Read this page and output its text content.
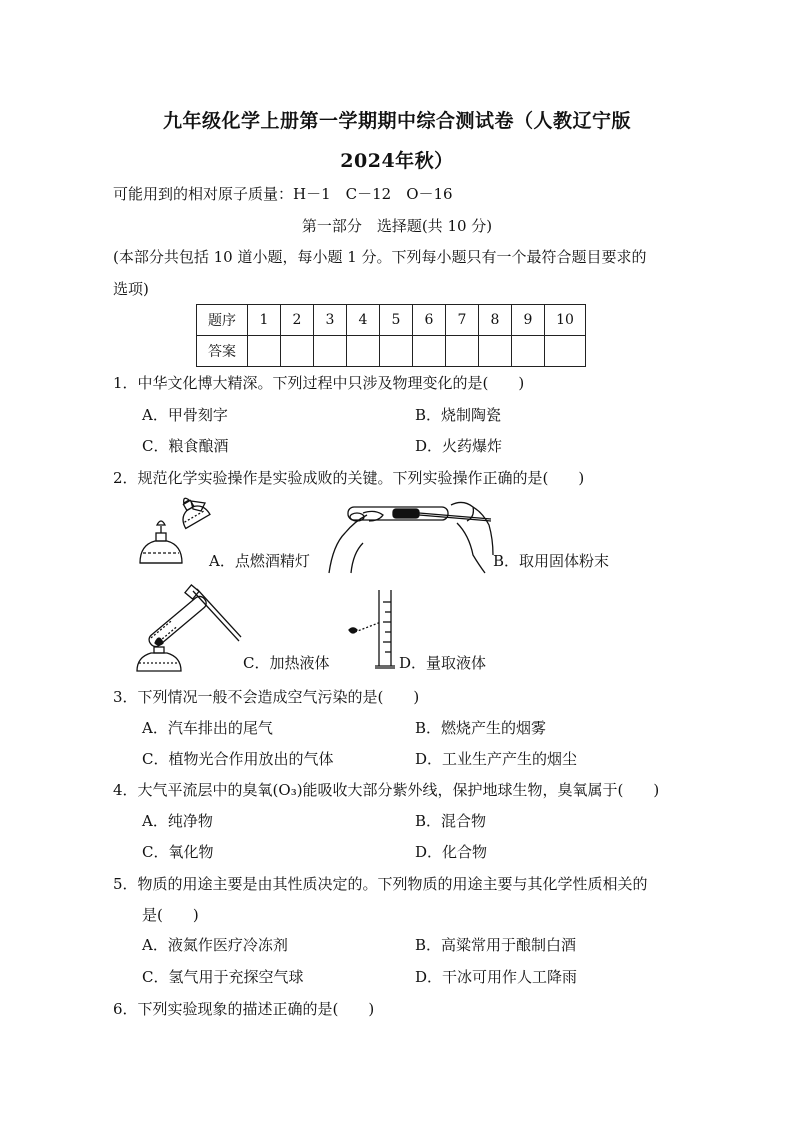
九年级化学上册第一学期期中综合测试卷（人教辽宁版
2024年秋）
可能用到的相对原子质量：H－1　C－12　O－16
第一部分　选择题(共 10 分)
(本部分共包括 10 道小题，每小题 1 分。下列每小题只有一个最符合题目要求的
选项)
题序	1	2	3	4	5	6	7	8	9	10
答案										
1．中华文化博大精深。下列过程中只涉及物理变化的是(　　)
A．甲骨刻字	B．烧制陶瓷
C．粮食酿酒	D．火药爆炸
2．规范化学实验操作是实验成败的关键。下列实验操作正确的是(　　)
A．点燃酒精灯	B．取用固体粉末
C．加热液体	D．量取液体
3．下列情况一般不会造成空气污染的是(　　)
A．汽车排出的尾气	B．燃烧产生的烟雾
C．植物光合作用放出的气体	D．工业生产产生的烟尘
4．大气平流层中的臭氧(O₃)能吸收大部分紫外线，保护地球生物，臭氧属于(　　)
A．纯净物	B．混合物
C．氧化物	D．化合物
5．物质的用途主要是由其性质决定的。下列物质的用途主要与其化学性质相关的
是(　　)
A．液氮作医疗冷冻剂	B．高粱常用于酿制白酒
C．氢气用于充探空气球	D．干冰可用作人工降雨
6．下列实验现象的描述正确的是(　　)
